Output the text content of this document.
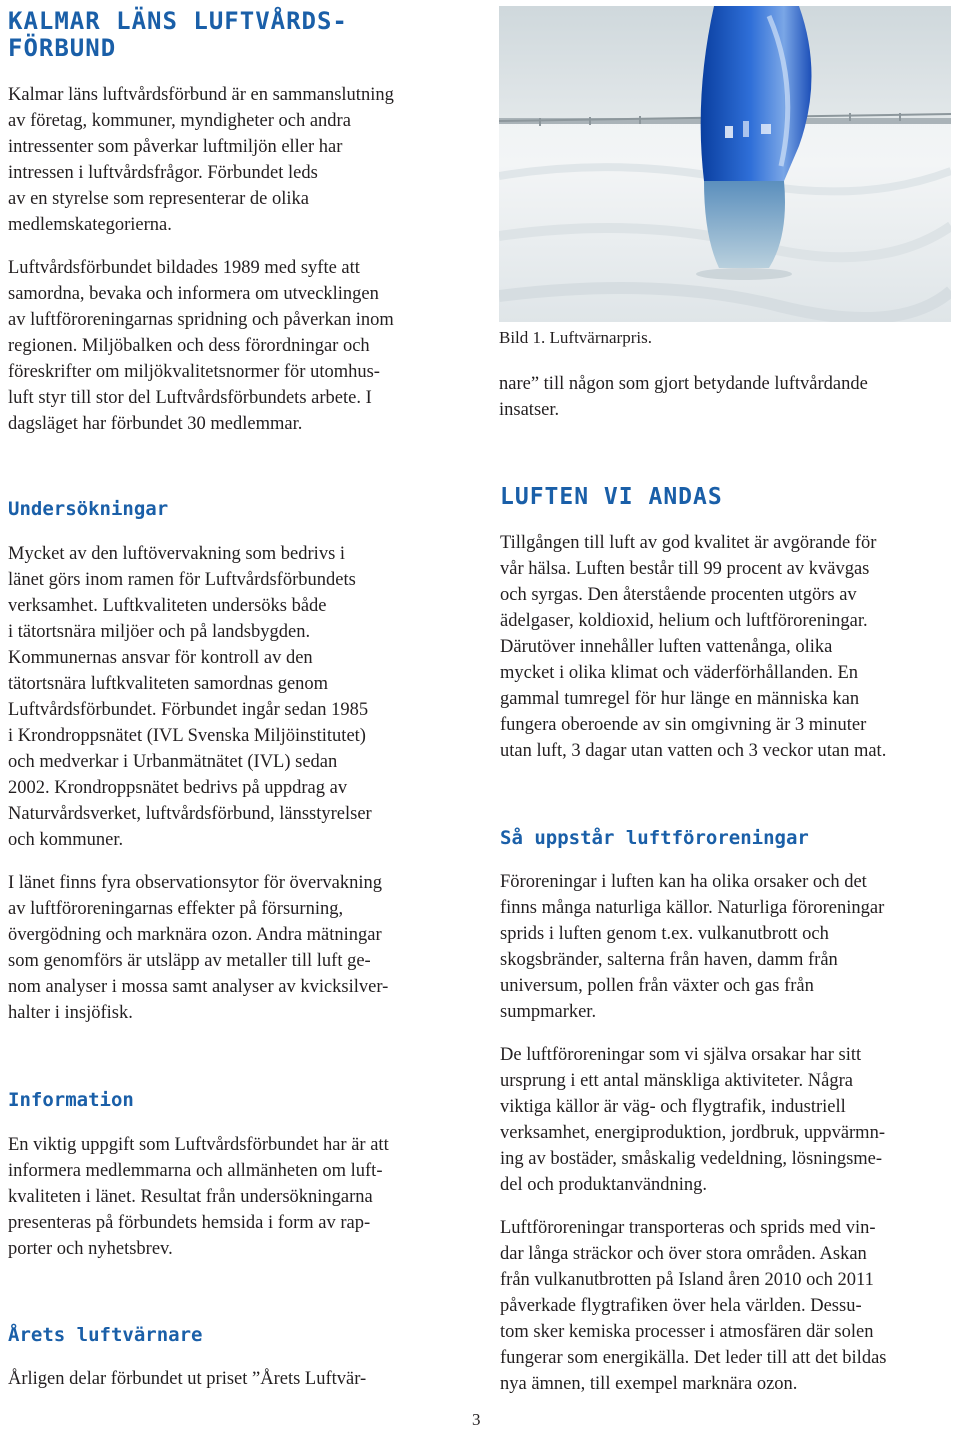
KALMAR LÄNS LUFTVÅRDS-
FÖRBUND

Kalmar läns luftvårdsförbund är en sammanslutning
av företag, kommuner, myndigheter och andra
intressenter som påverkar luftmiljön eller har
intressen i luftvårdsfrågor. Förbundet leds
av en styrelse som representerar de olika
medlemskategorierna.

Luftvårdsförbundet bildades 1989 med syfte att
samordna, bevaka och informera om utvecklingen
av luftföroreningarnas spridning och påverkan inom
regionen. Miljöbalken och dess förordningar och
föreskrifter om miljökvalitetsnormer för utomhus-
luft styr till stor del Luftvårdsförbundets arbete. I
dagsläget har förbundet 30 medlemmar.

Undersökningar

Mycket av den luftövervakning som bedrivs i
länet görs inom ramen för Luftvårdsförbundets
verksamhet. Luftkvaliteten undersöks både
i tätortsnära miljöer och på landsbygden.
Kommunernas ansvar för kontroll av den
tätortsnära luftkvaliteten samordnas genom
Luftvårdsförbundet. Förbundet ingår sedan 1985
i Krondroppsnätet (IVL Svenska Miljöinstitutet)
och medverkar i Urbanmätnätet (IVL) sedan
2002. Krondroppsnätet bedrivs på uppdrag av
Naturvårdsverket, luftvårdsförbund, länsstyrelser
och kommuner.

I länet finns fyra observationsytor för övervakning
av luftföroreningarnas effekter på försurning,
övergödning och marknära ozon. Andra mätningar
som genomförs är utsläpp av metaller till luft ge-
nom analyser i mossa samt analyser av kvicksilver-
halter i insjöfisk.

Information

En viktig uppgift som Luftvårdsförbundet har är att
informera medlemmarna och allmänheten om luft-
kvaliteten i länet. Resultat från undersökningarna
presenteras på förbundets hemsida i form av rap-
porter och nyhetsbrev.

Årets luftvärnare

Årligen delar förbundet ut priset ”Årets Luftvär-

Bild 1. Luftvärnarpris.

nare” till någon som gjort betydande luftvårdande
insatser.

LUFTEN VI ANDAS

Tillgången till luft av god kvalitet är avgörande för
vår hälsa. Luften består till 99 procent av kvävgas
och syrgas. Den återstående procenten utgörs av
ädelgaser, koldioxid, helium och luftföroreningar.
Därutöver innehåller luften vattenånga, olika
mycket i olika klimat och väderförhållanden. En
gammal tumregel för hur länge en människa kan
fungera oberoende av sin omgivning är 3 minuter
utan luft, 3 dagar utan vatten och 3 veckor utan mat.

Så uppstår luftföroreningar

Föroreningar i luften kan ha olika orsaker och det
finns många naturliga källor. Naturliga föroreningar
sprids i luften genom t.ex. vulkanutbrott och
skogsbränder, salterna från haven, damm från
universum, pollen från växter och gas från
sumpmarker.

De luftföroreningar som vi själva orsakar har sitt
ursprung i ett antal mänskliga aktiviteter. Några
viktiga källor är väg- och flygtrafik, industriell
verksamhet, energiproduktion, jordbruk, uppvärmn-
ing av bostäder, småskalig vedeldning, lösningsme-
del och produktanvändning.

Luftföroreningar transporteras och sprids med vin-
dar långa sträckor och över stora områden. Askan
från vulkanutbrotten på Island åren 2010 och 2011
påverkade flygtrafiken över hela världen. Dessu-
tom sker kemiska processer i atmosfären där solen
fungerar som energikälla. Det leder till att det bildas
nya ämnen, till exempel marknära ozon.

3
